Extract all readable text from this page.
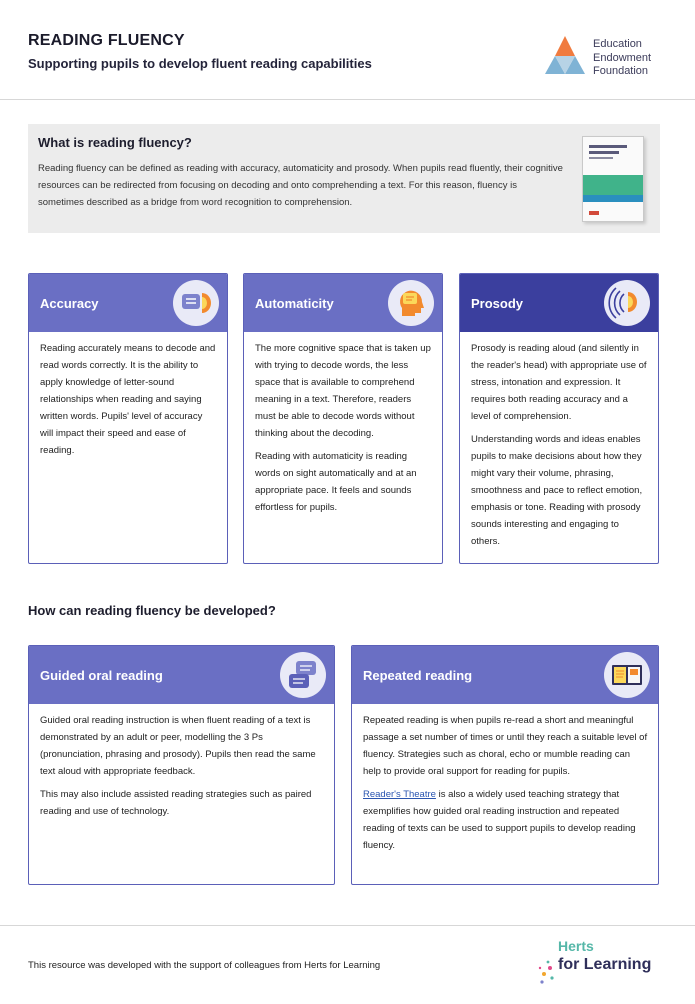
READING FLUENCY
Supporting pupils to develop fluent reading capabilities
Education
Endowment
Foundation
What is reading fluency?

Reading fluency can be defined as reading with accuracy, automaticity and prosody. When pupils read fluently, their cognitive resources can be redirected from focusing on decoding and onto comprehending a text. For this reason, fluency is sometimes described as a bridge from word recognition to comprehension.

Accuracy

Reading accurately means to decode and read words correctly. It is the ability to apply knowledge of letter-sound relationships when reading and saying written words. Pupils' level of accuracy will impact their speed and ease of reading.

Automaticity

The more cognitive space that is taken up with trying to decode words, the less space that is available to comprehend meaning in a text. Therefore, readers must be able to decode words without thinking about the decoding.

Reading with automaticity is reading words on sight automatically and at an appropriate pace. It feels and sounds effortless for pupils.

Prosody

Prosody is reading aloud (and silently in the reader's head) with appropriate use of stress, intonation and expression. It requires both reading accuracy and a level of comprehension.

Understanding words and ideas enables pupils to make decisions about how they might vary their volume, phrasing, smoothness and pace to reflect emotion, emphasis or tone. Reading with prosody sounds interesting and engaging to others.

How can reading fluency be developed?
Guided oral reading

Guided oral reading instruction is when fluent reading of a text is demonstrated by an adult or peer, modelling the 3 Ps (pronunciation, phrasing and prosody). Pupils then read the same text aloud with appropriate feedback.

This may also include assisted reading strategies such as paired reading and use of technology.

Repeated reading

Repeated reading is when pupils re-read a short and meaningful passage a set number of times or until they reach a suitable level of fluency. Strategies such as choral, echo or mumble reading can help to provide oral support for reading for pupils.

Reader's Theatre is also a widely used teaching strategy that exemplifies how guided oral reading instruction and repeated reading of texts can be used to support pupils to develop reading fluency.

This resource was developed with the support of colleagues from Herts for Learning
Herts
for Learning
